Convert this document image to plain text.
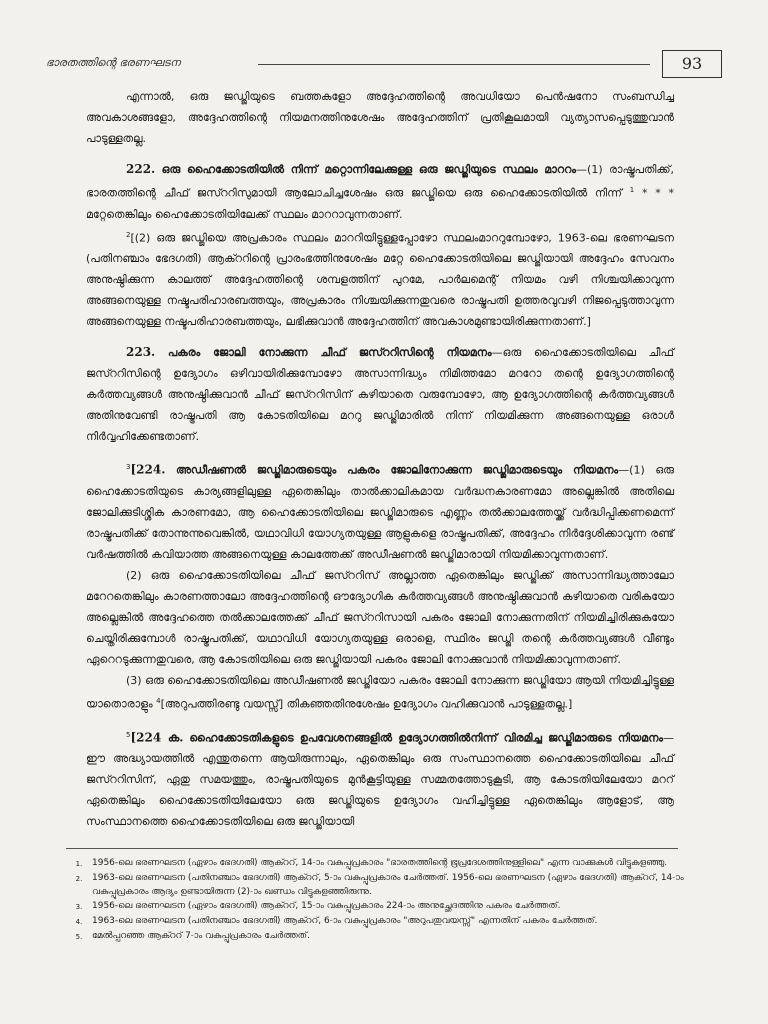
ഭാരതത്തിന്റെ ഭരണഘടന	93

എന്നാൽ, ഒരു ജഡ്ജിയുടെ ബത്തകളോ അദ്ദേഹത്തിന്റെ അവധിയോ പെൻഷനോ സംബന്ധിച്ച അവകാശങ്ങളോ, അദ്ദേഹത്തിന്റെ നിയമനത്തിനുശേഷം അദ്ദേഹത്തിന് പ്രതികൂലമായി വ്യത്യാസപ്പെടുത്തുവാൻ പാടുള്ളതല്ല.

222. ഒരു ഹൈക്കോടതിയിൽ നിന്ന് മറ്റൊന്നിലേക്കുള്ള ഒരു ജഡ്ജിയുടെ സ്ഥലം മാററം—(1) രാഷ്ട്രപതിക്ക്, ഭാരതത്തിന്റെ ചീഫ് ജസ്ററിസുമായി ആലോചിച്ചശേഷം ഒരു ജഡ്ജിയെ ഒരു ഹൈക്കോടതിയിൽ നിന്ന് $^1$ * * * മറ്റേതെങ്കിലും ഹൈക്കോടതിയിലേക്ക് സ്ഥലം മാററാവുന്നതാണ്.

$^2$[(2) ഒരു ജഡ്ജിയെ അപ്രകാരം സ്ഥലം മാററിയിട്ടുള്ളപ്പോഴോ സ്ഥലംമാററുമ്പോഴോ, 1963-ലെ ഭരണഘടന (പതിനഞ്ചാം ഭേദഗതി) ആക്ററിന്റെ പ്രാരംഭത്തിനുശേഷം മറ്റേ ഹൈക്കോടതിയിലെ ജഡ്ജിയായി അദ്ദേഹം സേവനം അനുഷ്ഠിക്കുന്ന കാലത്ത് അദ്ദേഹത്തിന്റെ ശമ്പളത്തിന് പുറമേ, പാർലമെന്റ് നിയമം വഴി നിശ്ചയിക്കാവുന്ന അങ്ങനെയുള്ള നഷ്ടപരിഹാരബത്തയും, അപ്രകാരം നിശ്ചയിക്കുന്നതുവരെ രാഷ്ട്രപതി ഉത്തരവുവഴി നിജപ്പെടുത്താവുന്ന അങ്ങനെയുള്ള നഷ്ടപരിഹാരബത്തയും, ലഭിക്കുവാൻ അദ്ദേഹത്തിന് അവകാശമുണ്ടായിരിക്കുന്നതാണ്.]

223. പകരം ജോലി നോക്കുന്ന ചീഫ് ജസ്ററിസിന്റെ നിയമനം—ഒരു ഹൈക്കോടതിയിലെ ചീഫ് ജസ്ററിസിന്റെ ഉദ്യോഗം ഒഴിവായിരിക്കുമ്പോഴോ അസാന്നിദ്ധ്യം നിമിത്തമോ മററോ തന്റെ ഉദ്യോഗത്തിന്റെ കർത്തവ്യങ്ങൾ അനുഷ്ഠിക്കുവാൻ ചീഫ് ജസ്ററിസിന് കഴിയാതെ വരുമ്പോഴോ, ആ ഉദ്യോഗത്തിന്റെ കർത്തവ്യങ്ങൾ അതിനുവേണ്ടി രാഷ്ട്രപതി ആ കോടതിയിലെ മററു ജഡ്ജിമാരിൽ നിന്ന് നിയമിക്കുന്ന അങ്ങനെയുള്ള ഒരാൾ നിർവ്വഹിക്കേണ്ടതാണ്.

$^3$[224. അഡീഷണൽ ജഡ്ജിമാരുടെയും പകരം ജോലിനോക്കുന്ന ജഡ്ജിമാരുടെയും നിയമനം—(1) ഒരു ഹൈക്കോടതിയുടെ കാര്യങ്ങളിലുള്ള ഏതെങ്കിലും താൽക്കാലികമായ വർദ്ധനകാരണമോ അല്ലെങ്കിൽ അതിലെ ജോലിക്കുടിശ്ശിക കാരണമോ, ആ ഹൈക്കോടതിയിലെ ജഡ്ജിമാരുടെ എണ്ണം തൽക്കാലത്തേയ്ക്ക് വർദ്ധിപ്പിക്കണമെന്ന് രാഷ്ട്രപതിക്ക് തോന്നുന്നുവെങ്കിൽ, യഥാവിധി യോഗ്യതയുള്ള ആളുകളെ രാഷ്ട്രപതിക്ക്, അദ്ദേഹം നിർദ്ദേശിക്കാവുന്ന രണ്ട് വർഷത്തിൽ കവിയാത്ത അങ്ങനെയുള്ള കാലത്തേക്ക് അഡീഷണൽ ജഡ്ജിമാരായി നിയമിക്കാവുന്നതാണ്.

(2) ഒരു ഹൈക്കോടതിയിലെ ചീഫ് ജസ്ററിസ് അല്ലാത്ത ഏതെങ്കിലും ജഡ്ജിക്ക് അസാന്നിദ്ധ്യത്താലോ മറേറതെങ്കിലും കാരണത്താലോ അദ്ദേഹത്തിന്റെ ഔദ്യോഗിക കർത്തവ്യങ്ങൾ അനുഷ്ഠിക്കുവാൻ കഴിയാതെ വരികയോ അല്ലെങ്കിൽ അദ്ദേഹത്തെ തൽക്കാലത്തേക്ക് ചീഫ് ജസ്ററിസായി പകരം ജോലി നോക്കുന്നതിന് നിയമിച്ചിരിക്കുകയോ ചെയ്തിരിക്കുമ്പോൾ രാഷ്ട്രപതിക്ക്, യഥാവിധി യോഗ്യതയുള്ള ഒരാളെ, സ്ഥിരം ജഡ്ജി തന്റെ കർത്തവ്യങ്ങൾ വീണ്ടും ഏറെറടുക്കുന്നതുവരെ, ആ കോടതിയിലെ ഒരു ജഡ്ജിയായി പകരം ജോലി നോക്കുവാൻ നിയമിക്കാവുന്നതാണ്.

(3) ഒരു ഹൈക്കോടതിയിലെ അഡീഷണൽ ജഡ്ജിയോ പകരം ജോലി നോക്കുന്ന ജഡ്ജിയോ ആയി നിയമിച്ചിട്ടുള്ള യാതൊരാളും $^4$[അറുപത്തിരണ്ടു വയസ്സ്] തികഞ്ഞതിനുശേഷം ഉദ്യോഗം വഹിക്കുവാൻ പാടുള്ളതല്ല.]

$^5$[224 ക. ഹൈക്കോടതികളുടെ ഉപവേശനങ്ങളിൽ ഉദ്യോഗത്തിൽനിന്ന് വിരമിച്ച ജഡ്ജിമാരുടെ നിയമനം—ഈ അദ്ധ്യായത്തിൽ എന്തുതന്നെ ആയിരുന്നാലും, ഏതെങ്കിലും ഒരു സംസ്ഥാനത്തെ ഹൈക്കോടതിയിലെ ചീഫ് ജസ്ററിസിന്, ഏതു സമയത്തും, രാഷ്ട്രപതിയുടെ മുൻകൂട്ടിയുള്ള സമ്മതത്തോടുകൂടി, ആ കോടതിയിലേയോ മററ് ഏതെങ്കിലും ഹൈക്കോടതിയിലേയോ ഒരു ജഡ്ജിയുടെ ഉദ്യോഗം വഹിച്ചിട്ടുള്ള ഏതെങ്കിലും ആളോട്, ആ സംസ്ഥാനത്തെ ഹൈക്കോടതിയിലെ ഒരു ജഡ്ജിയായി

1.	1956-ലെ ഭരണഘടന (ഏഴാം ഭേദഗതി) ആക്ററ്, 14-ാം വകുപ്പുപ്രകാരം "ഭാരതത്തിന്റെ ഭൂപ്രദേശത്തിനുള്ളിലെ" എന്ന വാക്കുകൾ വിട്ടുകളഞ്ഞു.
2.	1963-ലെ ഭരണഘടന (പതിനഞ്ചാം ഭേദഗതി) ആക്ററ്, 5-ാം വകുപ്പുപ്രകാരം ചേർത്തത്. 1956-ലെ ഭരണഘടന (ഏഴാം ഭേദഗതി) ആക്ററ്, 14-ാം വകുപ്പുപ്രകാരം ആദ്യം ഉണ്ടായിരുന്ന (2)-ാം ഖണ്ഡം വിട്ടുകളഞ്ഞിരുന്നു.
3.	1956-ലെ ഭരണഘടന (ഏഴാം ഭേദഗതി) ആക്ററ്, 15-ാം വകുപ്പുപ്രകാരം 224-ാം അനുച്ഛേദത്തിനു പകരം ചേർത്തത്.
4.	1963-ലെ ഭരണഘടന (പതിനഞ്ചാം ഭേദഗതി) ആക്ററ്, 6-ാം വകുപ്പുപ്രകാരം "അറുപതുവയസ്സ്" എന്നതിന് പകരം ചേർത്തത്.
5.	മേൽപ്പറഞ്ഞ ആക്ററ് 7-ാം വകുപ്പുപ്രകാരം ചേർത്തത്.
